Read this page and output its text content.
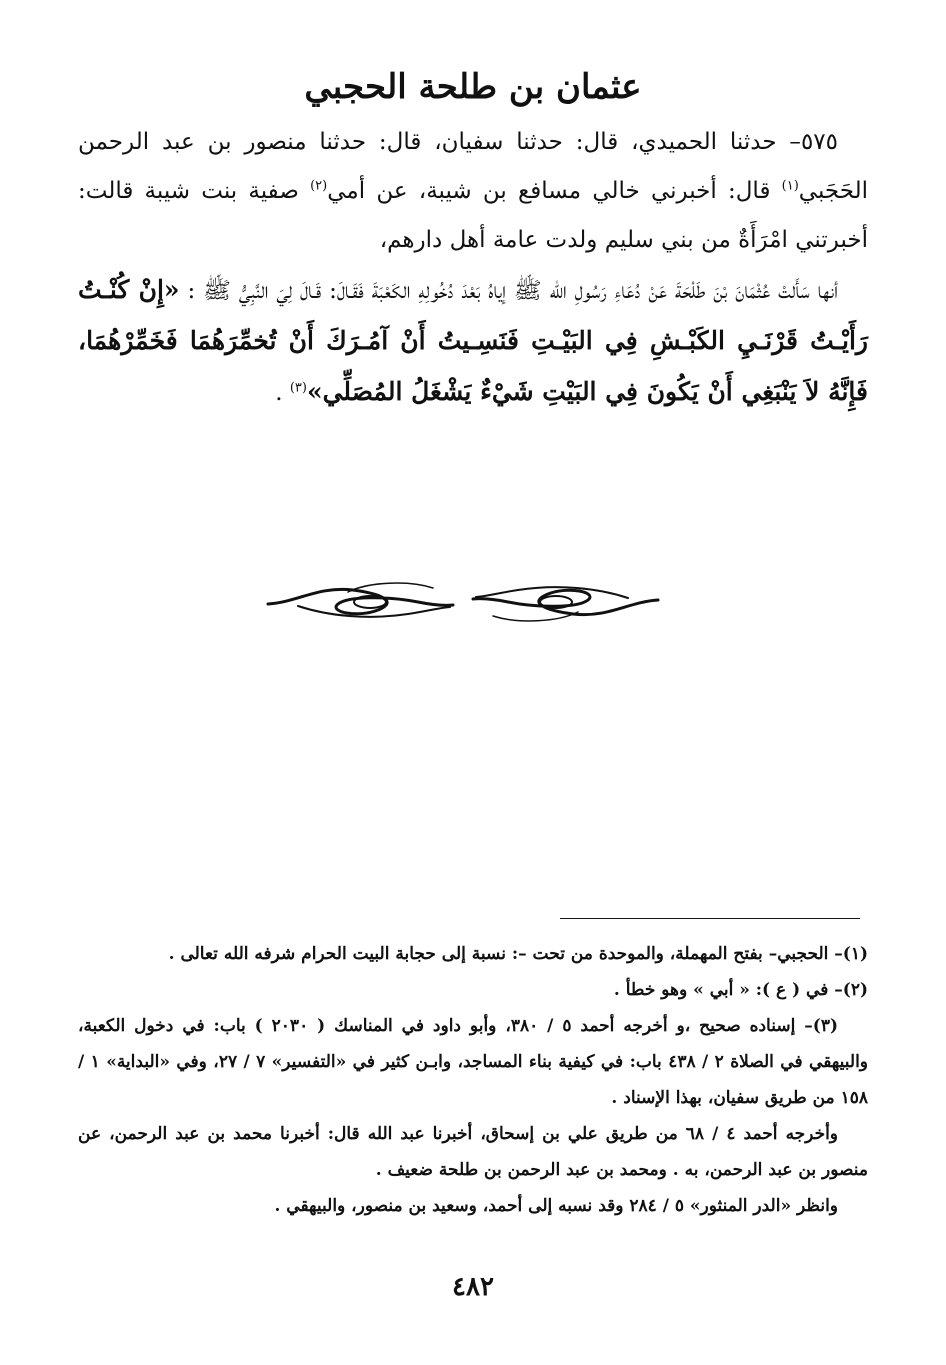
عثمان بن طلحة الحجبي

٥٧٥– حدثنا الحميدي، قال: حدثنا سفيان، قال: حدثنا منصور بن عبد الرحمن الحَجَبي$^{(١)}$ قال: أخبرني خالي مسافع بن شيبة، عن أمي$^{(٢)}$ صفية بنت شيبة قالت: أخبرتني امْرَأَةٌ من بني سليم ولدت عامة أهل دارهم،

أنها سَأَلتْ عُثْمَانَ بْنَ طَلْحَةَ عَنْ دُعَاءِ رَسُولِ الله ﷺ إياهُ بَعْدَ دُخُولِهِ الكَعْبَةَ فَقَـالَ: قَـالَ لِيَ النَّبِيُّ ﷺ : «إِنْ كُنْـتُ رَأَيْـتُ قَرْنَـيِ الكَبْـشِ فِي البَيْـتِ فَنَسِـيتُ أَنْ آمُـرَكَ أَنْ تُخمِّرَهُمَا فَخَمِّرْهُمَا، فَإِنَّهُ لاَ يَنْبَغِي أَنْ يَكُونَ فِي البَيْتِ شَيْءٌ يَشْغَلُ المُصَلِّي»$^{(٣)}$ .

(١)– الحجبي– بفتح المهملة، والموحدة من تحت –: نسبة إلى حجابة البيت الحرام شرفه الله تعالى .

(٢)– في ( ع ): « أبي » وهو خطأ .

(٣)– إسناده صحيح ،و أخرجه أحمد ٥ / ٣٨٠، وأبو داود في المناسك ( ٢٠٣٠ ) باب: في دخول الكعبة، والبيهقي في الصلاة ٢ / ٤٣٨ باب: في كيفية بناء المساجد، وابـن كثير في «التفسير» ٧ / ٢٧، وفي «البداية» ١ / ١٥٨ من طريق سفيان، بهذا الإسناد .

وأخرجه أحمد ٤ / ٦٨ من طريق علي بن إسحاق، أخبرنا عبد الله قال: أخبرنا محمد بن عبد الرحمن، عن منصور بن عبد الرحمن، به . ومحمد بن عبد الرحمن بن طلحة ضعيف .

وانظر «الدر المنثور» ٥ / ٢٨٤ وقد نسبه إلى أحمد، وسعيد بن منصور، والبيهقي .

٤٨٢
